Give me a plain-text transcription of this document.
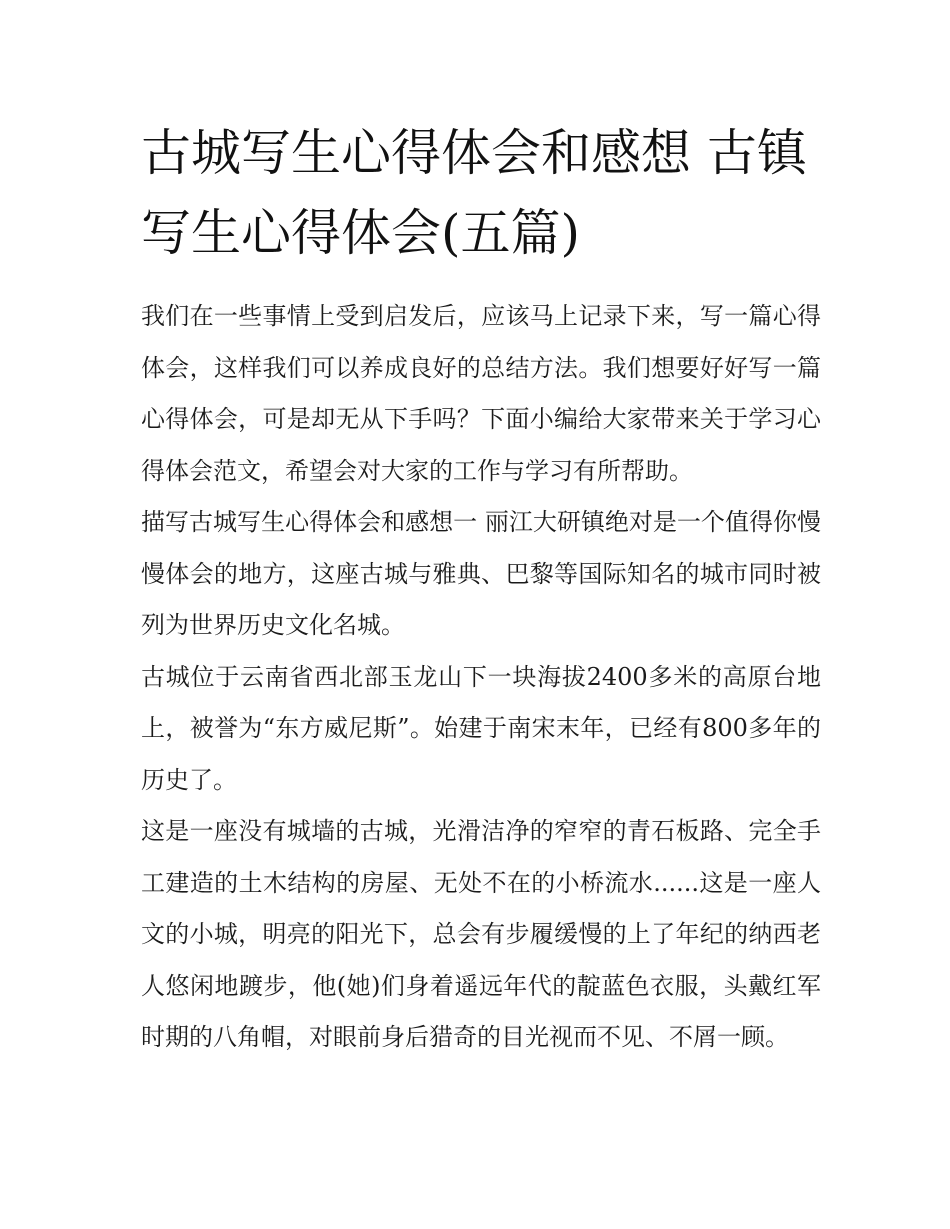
古城写生心得体会和感想 古镇写生心得体会(五篇)

我们在一些事情上受到启发后，应该马上记录下来，写一篇心得体会，这样我们可以养成良好的总结方法。我们想要好好写一篇心得体会，可是却无从下手吗？下面小编给大家带来关于学习心得体会范文，希望会对大家的工作与学习有所帮助。

描写古城写生心得体会和感想一 丽江大研镇绝对是一个值得你慢慢体会的地方，这座古城与雅典、巴黎等国际知名的城市同时被列为世界历史文化名城。

古城位于云南省西北部玉龙山下一块海拔2400多米的高原台地上，被誉为“东方威尼斯”。始建于南宋末年，已经有800多年的历史了。

这是一座没有城墙的古城，光滑洁净的窄窄的青石板路、完全手工建造的土木结构的房屋、无处不在的小桥流水......这是一座人文的小城，明亮的阳光下，总会有步履缓慢的上了年纪的纳西老人悠闲地踱步，他(她)们身着遥远年代的靛蓝色衣服，头戴红军时期的八角帽，对眼前身后猎奇的目光视而不见、不屑一顾。
